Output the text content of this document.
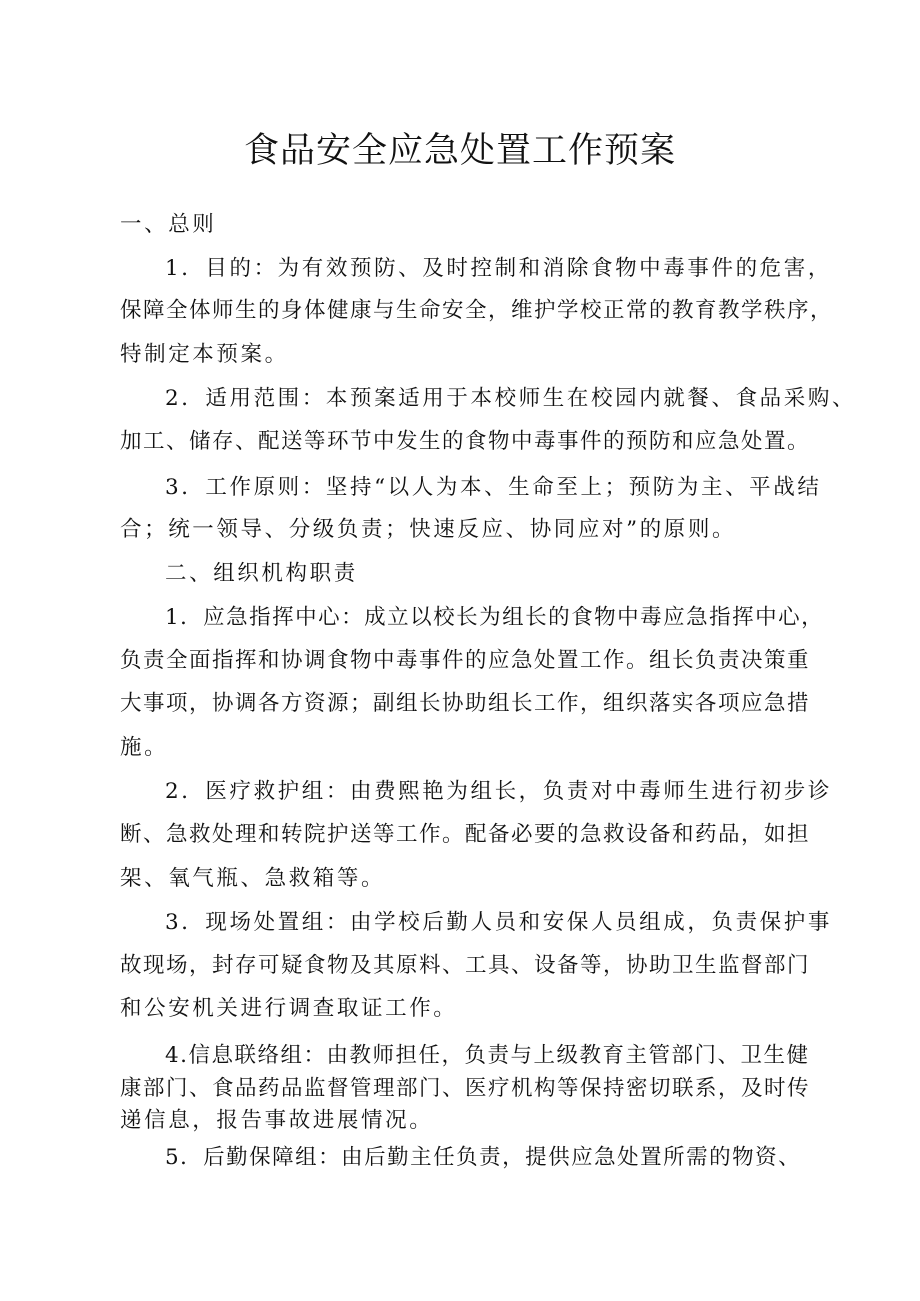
食品安全应急处置工作预案
一、总则
1．目的：为有效预防、及时控制和消除食物中毒事件的危害，
保障全体师生的身体健康与生命安全，维护学校正常的教育教学秩序，
特制定本预案。
2．适用范围：本预案适用于本校师生在校园内就餐、食品采购、
加工、储存、配送等环节中发生的食物中毒事件的预防和应急处置。
3．工作原则：坚持“以人为本、生命至上；预防为主、平战结
合；统一领导、分级负责；快速反应、协同应对”的原则。
二、组织机构职责
1．应急指挥中心：成立以校长为组长的食物中毒应急指挥中心，
负责全面指挥和协调食物中毒事件的应急处置工作。组长负责决策重
大事项，协调各方资源；副组长协助组长工作，组织落实各项应急措
施。
2．医疗救护组：由费熙艳为组长，负责对中毒师生进行初步诊
断、急救处理和转院护送等工作。配备必要的急救设备和药品，如担
架、氧气瓶、急救箱等。
3．现场处置组：由学校后勤人员和安保人员组成，负责保护事
故现场，封存可疑食物及其原料、工具、设备等，协助卫生监督部门
和公安机关进行调查取证工作。
4.信息联络组：由教师担任，负责与上级教育主管部门、卫生健
康部门、食品药品监督管理部门、医疗机构等保持密切联系，及时传
递信息，报告事故进展情况。
5．后勤保障组：由后勤主任负责，提供应急处置所需的物资、
